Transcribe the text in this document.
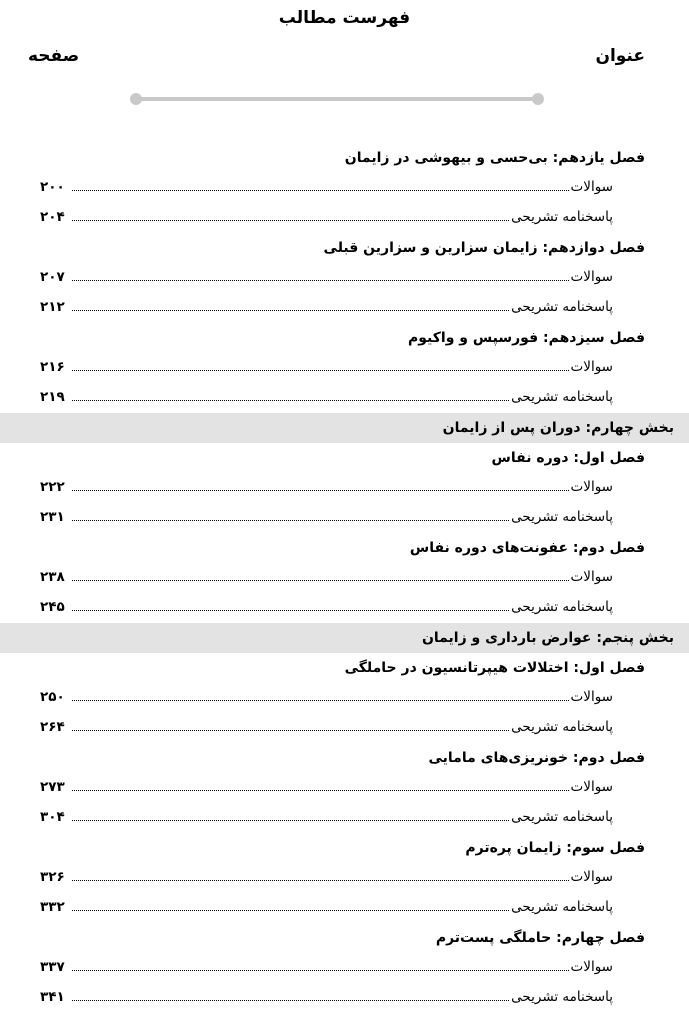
فهرست مطالب
عنوان
صفحه
فصل یازدهم: بی‌حسی و بیهوشی در زایمان
سوالات
۲۰۰
پاسخنامه تشریحی
۲۰۴
فصل دوازدهم: زایمان سزارین و سزارین قبلی
سوالات
۲۰۷
پاسخنامه تشریحی
۲۱۲
فصل سیزدهم: فورسپس و واکیوم
سوالات
۲۱۶
پاسخنامه تشریحی
۲۱۹
بخش چهارم: دوران پس از زایمان
فصل اول: دوره نفاس
سوالات
۲۲۲
پاسخنامه تشریحی
۲۳۱
فصل دوم: عفونت‌های دوره نفاس
سوالات
۲۳۸
پاسخنامه تشریحی
۲۴۵
بخش پنجم: عوارض بارداری و زایمان
فصل اول: اختلالات هیپرتانسیون در حاملگی
سوالات
۲۵۰
پاسخنامه تشریحی
۲۶۴
فصل دوم: خونریزی‌های مامایی
سوالات
۲۷۳
پاسخنامه تشریحی
۳۰۴
فصل سوم: زایمان پره‌ترم
سوالات
۳۲۶
پاسخنامه تشریحی
۳۳۲
فصل چهارم: حاملگی پست‌ترم
سوالات
۳۳۷
پاسخنامه تشریحی
۳۴۱
